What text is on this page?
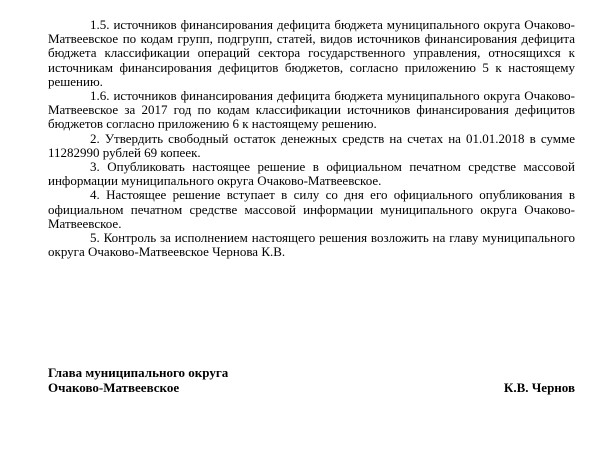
1.5. источников финансирования дефицита бюджета муниципального округа Очаково-Матвеевское по кодам групп, подгрупп, статей, видов источников финансирования дефицита бюджета классификации операций сектора государственного управления, относящихся к источникам финансирования дефицитов бюджетов, согласно приложению 5 к настоящему решению.

1.6. источников финансирования дефицита бюджета муниципального округа Очаково-Матвеевское за 2017 год по кодам классификации источников финансирования дефицитов бюджетов согласно приложению 6 к настоящему решению.

2. Утвердить свободный остаток денежных средств на счетах на 01.01.2018 в сумме 11282990 рублей 69 копеек.

3. Опубликовать настоящее решение в официальном печатном средстве массовой информации муниципального округа Очаково-Матвеевское.

4. Настоящее решение вступает в силу со дня его официального опубликования в официальном печатном средстве массовой информации муниципального округа Очаково-Матвеевское.

5. Контроль за исполнением настоящего решения возложить на главу муниципального округа Очаково-Матвеевское Чернова К.В.

Глава муниципального округа

Очаково-Матвеевское	К.В. Чернов
